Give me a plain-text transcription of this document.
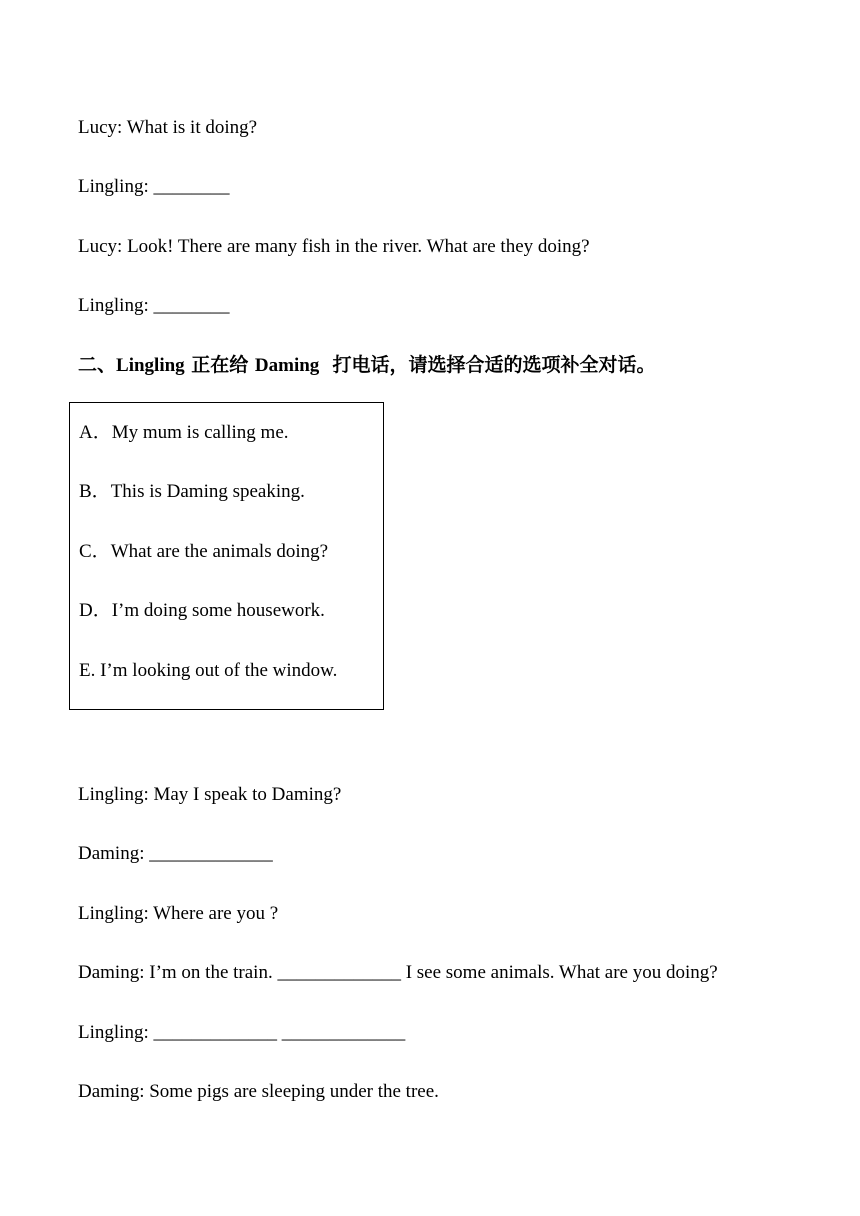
Lucy: What is it doing?
Lingling: ________
Lucy: Look! There are many fish in the river. What are they doing?
Lingling: ________
二、Lingling 正在给 Daming  打电话，请选择合适的选项补全对话。
A．My mum is calling me.
B．This is Daming speaking.
C．What are the animals doing?
D．I’m doing some housework.
E. I’m looking out of the window.
Lingling: May I speak to Daming?
Daming: _____________
Lingling: Where are you ?
Daming: I’m on the train. _____________ I see some animals. What are you doing?
Lingling: _____________ _____________
Daming: Some pigs are sleeping under the tree.
